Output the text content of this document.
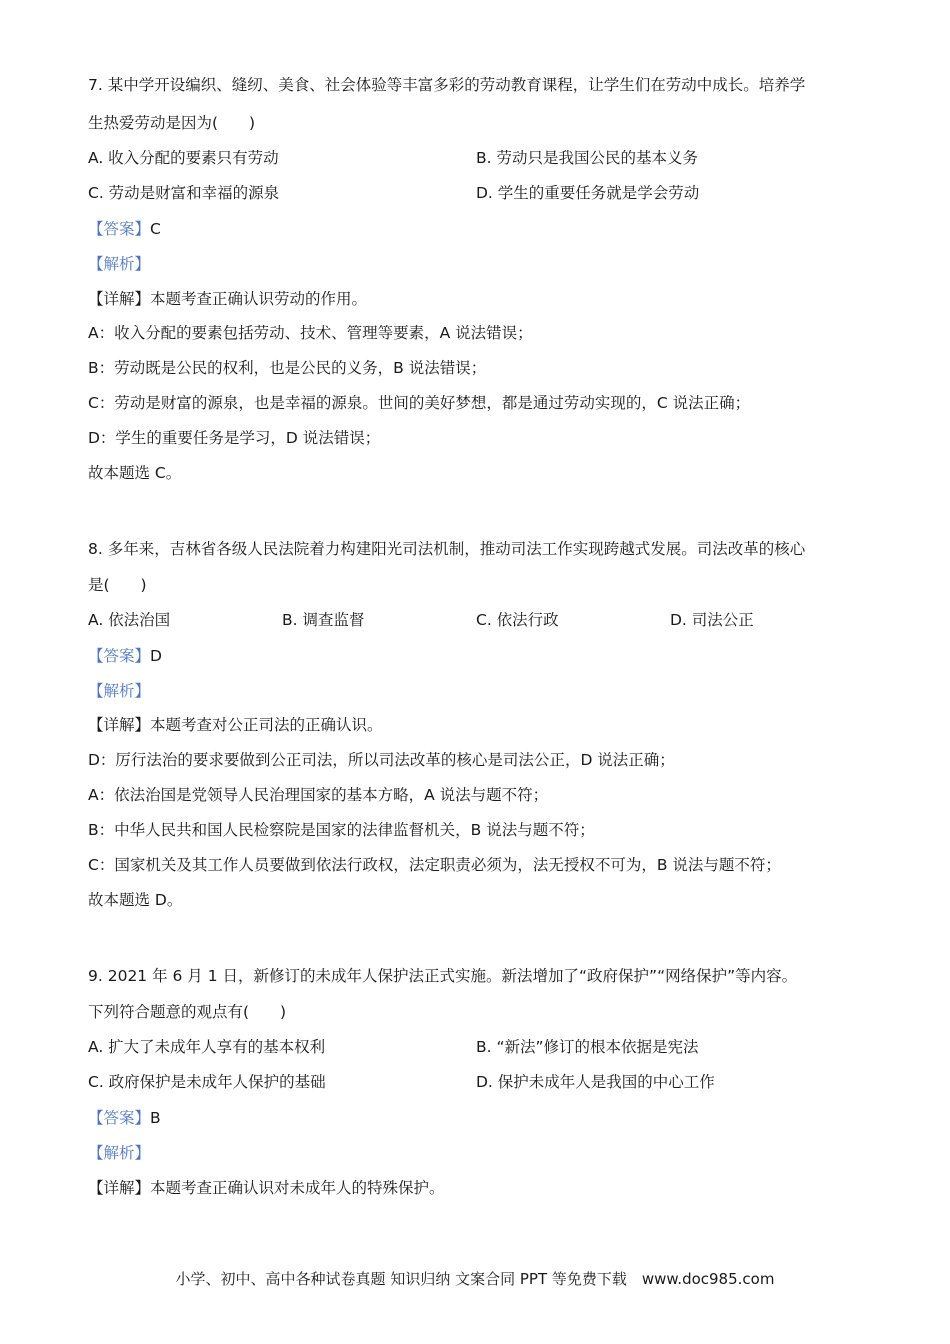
7. 某中学开设编织、缝纫、美食、社会体验等丰富多彩的劳动教育课程，让学生们在劳动中成长。培养学
生热爱劳动是因为(　　)
A. 收入分配的要素只有劳动	B. 劳动只是我国公民的基本义务
C. 劳动是财富和幸福的源泉	D. 学生的重要任务就是学会劳动
【答案】C
【解析】
【详解】本题考查正确认识劳动的作用。
A：收入分配的要素包括劳动、技术、管理等要素，A 说法错误；
B：劳动既是公民的权利，也是公民的义务，B 说法错误；
C：劳动是财富的源泉，也是幸福的源泉。世间的美好梦想，都是通过劳动实现的，C 说法正确；
D：学生的重要任务是学习，D 说法错误；
故本题选 C。
8. 多年来，吉林省各级人民法院着力构建阳光司法机制，推动司法工作实现跨越式发展。司法改革的核心
是(　　)
A. 依法治国	B. 调查监督	C. 依法行政	D. 司法公正
【答案】D
【解析】
【详解】本题考查对公正司法的正确认识。
D：厉行法治的要求要做到公正司法，所以司法改革的核心是司法公正，D 说法正确；
A：依法治国是党领导人民治理国家的基本方略，A 说法与题不符；
B：中华人民共和国人民检察院是国家的法律监督机关，B 说法与题不符；
C：国家机关及其工作人员要做到依法行政权，法定职责必须为，法无授权不可为，B 说法与题不符；
故本题选 D。
9. 2021 年 6 月 1 日，新修订的未成年人保护法正式实施。新法增加了“政府保护”“网络保护”等内容。
下列符合题意的观点有(　　)
A. 扩大了未成年人享有的基本权利	B. “新法”修订的根本依据是宪法
C. 政府保护是未成年人保护的基础	D. 保护未成年人是我国的中心工作
【答案】B
【解析】
【详解】本题考查正确认识对未成年人的特殊保护。
小学、初中、高中各种试卷真题 知识归纳 文案合同 PPT 等免费下载　www.doc985.com
